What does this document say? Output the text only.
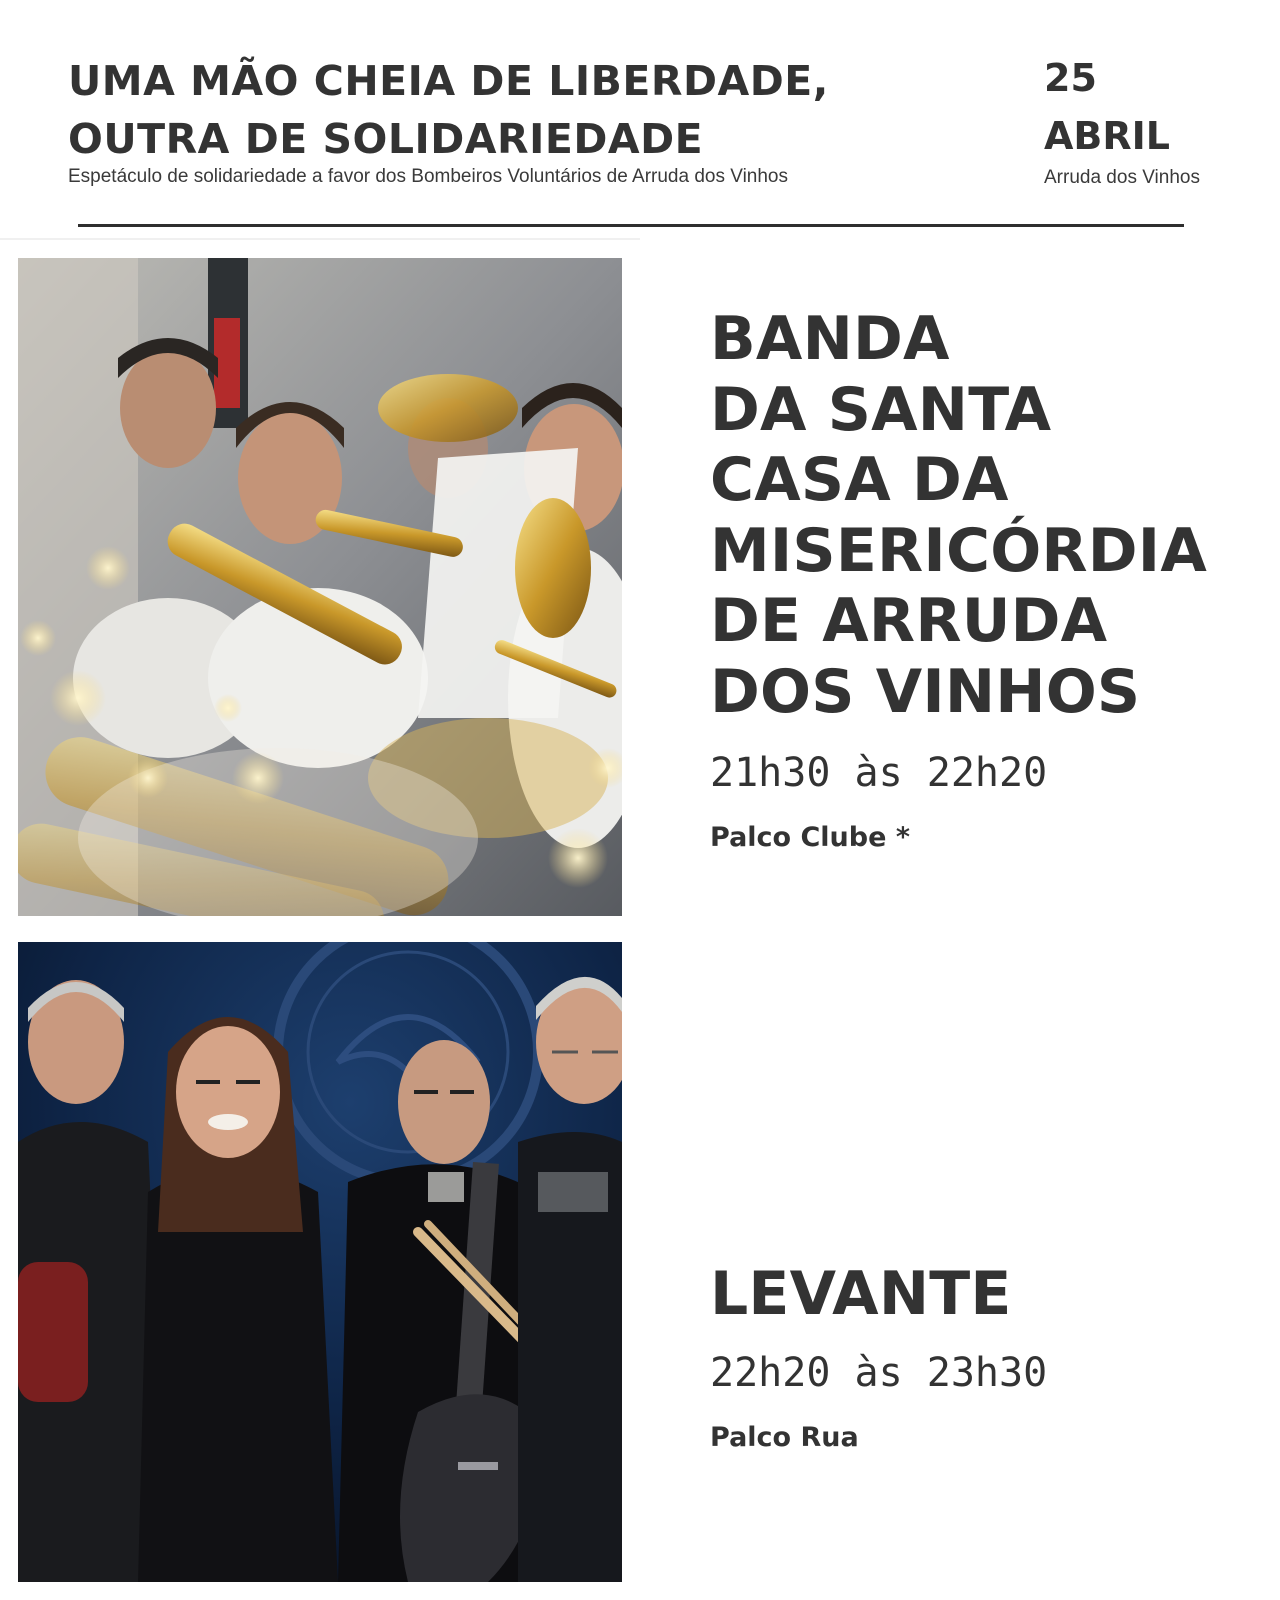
UMA MÃO CHEIA DE LIBERDADE,
OUTRA DE SOLIDARIEDADE

Espetáculo de solidariedade a favor dos Bombeiros Voluntários de Arruda dos Vinhos

25
ABRIL
Arruda dos Vinhos
BANDA
DA SANTA
CASA DA
MISERICÓRDIA
DE ARRUDA
DOS VINHOS

21h30 às 22h20

Palco Clube *

LEVANTE

22h20 às 23h30

Palco Rua
